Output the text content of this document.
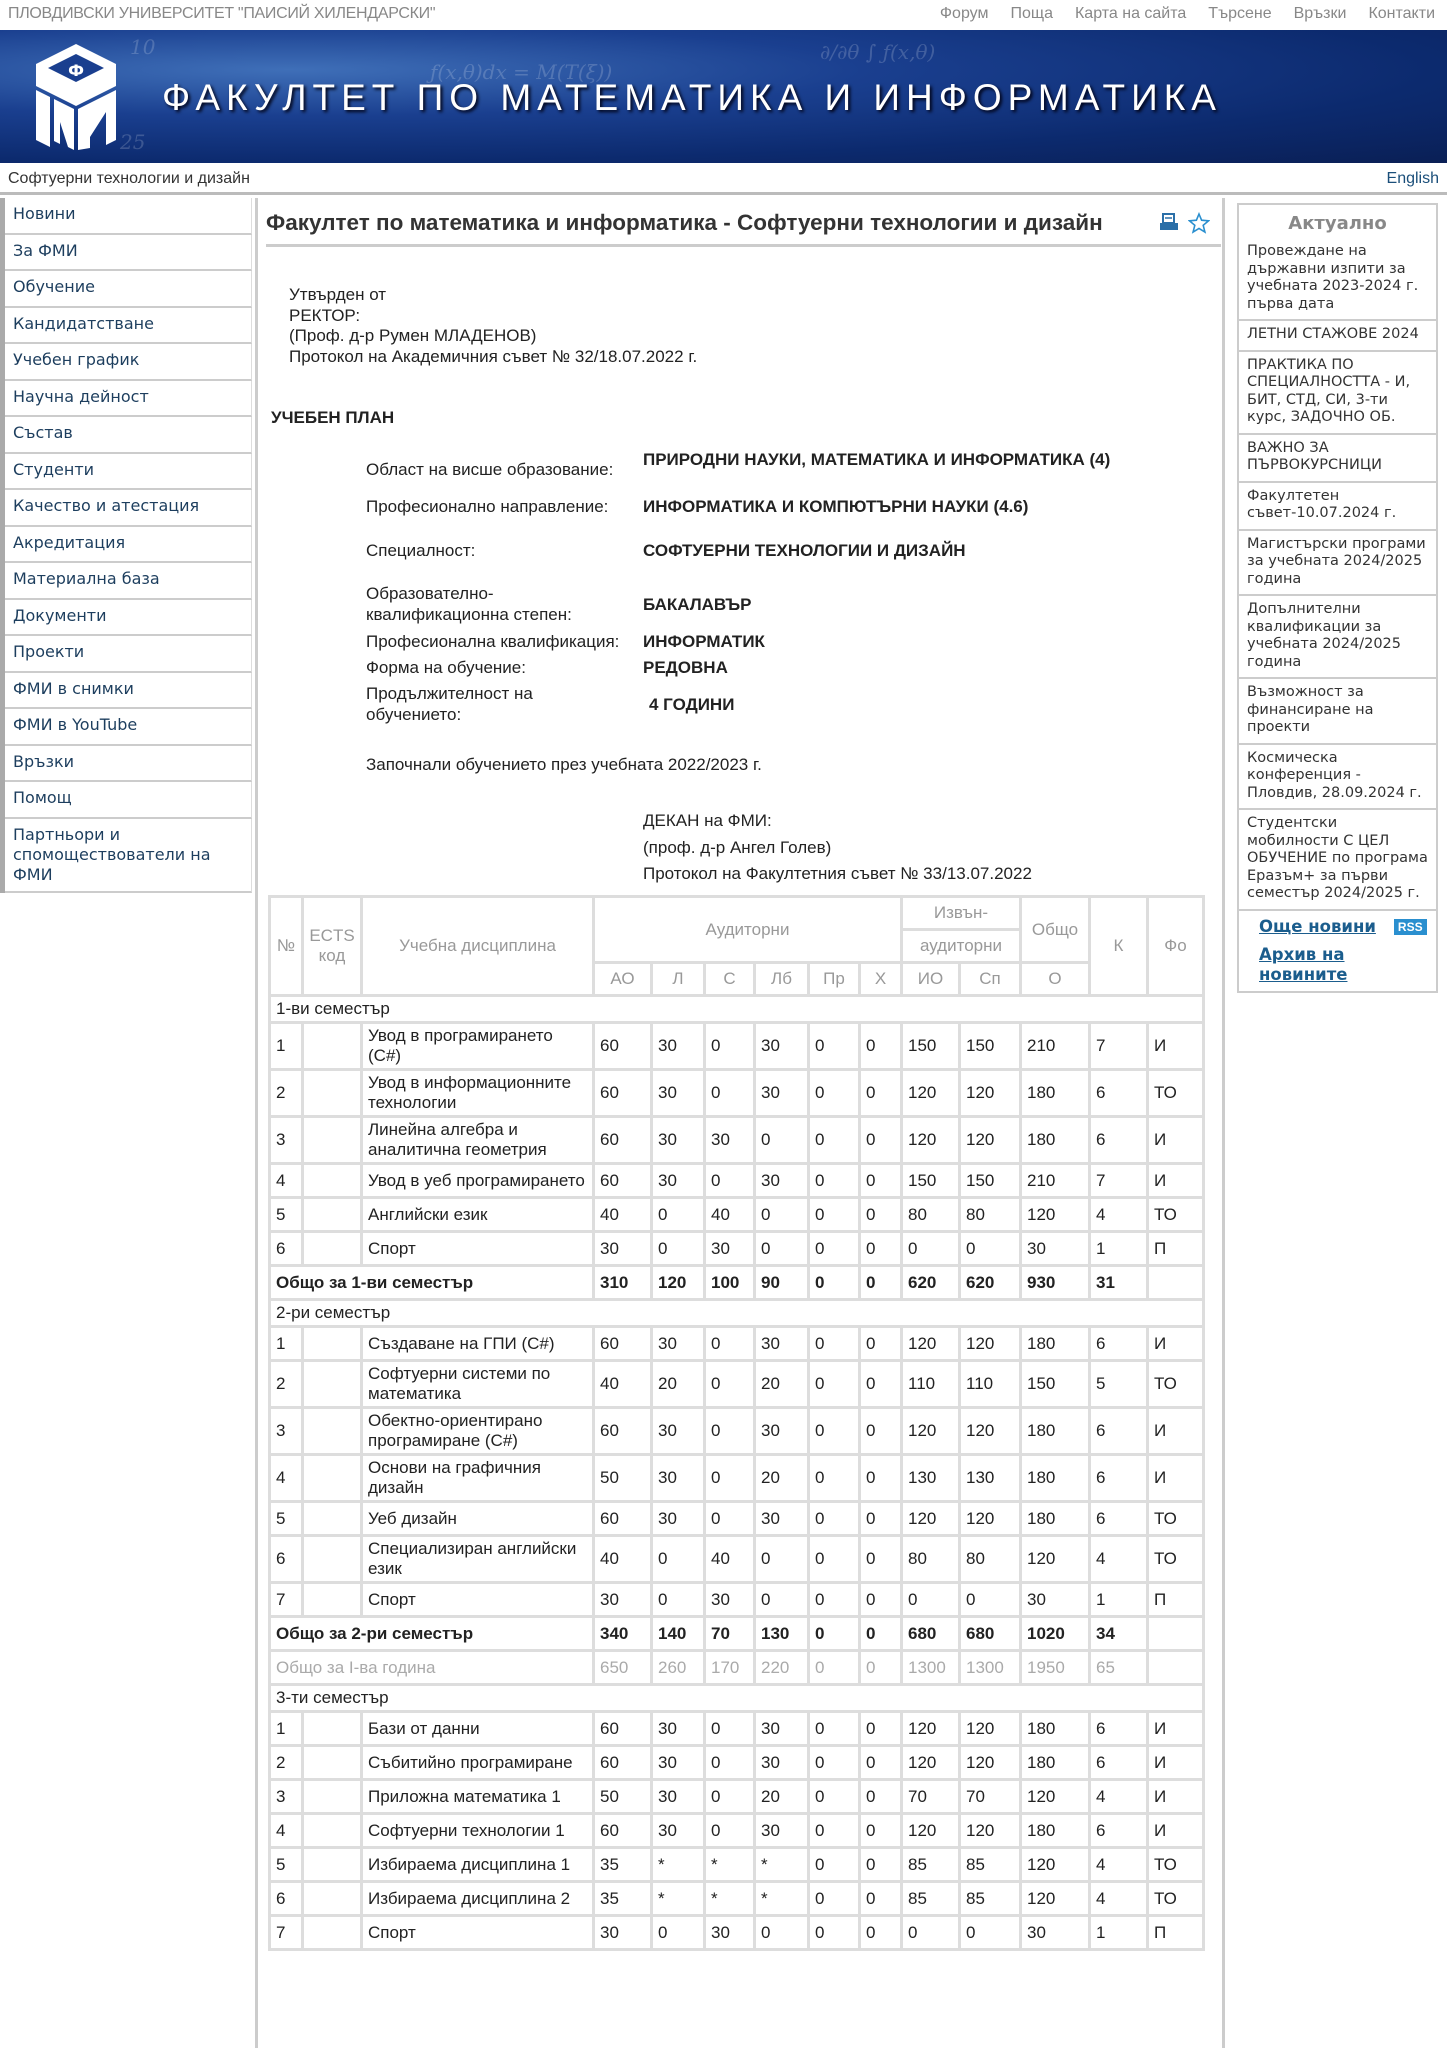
ПЛОВДИВСКИ УНИВЕРСИТЕТ "ПАИСИЙ ХИЛЕНДАРСКИ"	Форум Поща Карта на сайта Търсене Връзки Контакти
ƒ(x,θ)dx = M(T(ξ))
∂/∂θ ∫ ƒ(x,θ)
10
25
Ф
ФАКУЛТЕТ ПО МАТЕМАТИКА И ИНФОРМАТИКА
Софтуерни технологии и дизайн	English
Новини
За ФМИ
Обучение
Кандидатстване
Учебен график
Научна дейност
Състав
Студенти
Качество и атестация
Акредитация
Материална база
Документи
Проекти
ФМИ в снимки
ФМИ в YouTube
Връзки
Помощ
Партньори и спомоществователи на ФМИ
Факултет по математика и информатика - Софтуерни технологии и дизайн
Утвърден от
РЕКТОР:
(Проф. д-р Румен МЛАДЕНОВ)
Протокол на Академичния съвет № 32/18.07.2022 г.
УЧЕБЕН ПЛАН
Област на висше образование:
ПРИРОДНИ НАУКИ, МАТЕМАТИКА И ИНФОРМАТИКА (4)
Професионално направление: ИНФОРМАТИКА И КОМПЮТЪРНИ НАУКИ (4.6)
Специалност:	СОФТУЕРНИ ТЕХНОЛОГИИ И ДИЗАЙН
Образователно-квалификационна степен:	БАКАЛАВЪР
Професионална квалификация: ИНФОРМАТИК
Форма на обучение:	РЕДОВНА
Продължителност на обучението:	4 ГОДИНИ
Започнали обучението през учебната 2022/2023 г.
ДЕКАН на ФМИ:
(проф. д-р Ангел Голев)
Протокол на Факултетния съвет № 33/13.07.2022
№	ECTS код	Учебна дисциплина	Аудиторни						Извън-		Общо	К	Фо
									аудиторни				
			АО	Л	С	Лб	Пр	Х	ИО	Сп	О		
1-ви семестър													
1		Увод в програмирането (C#)	60	30	0	30	0	0	150	150	210	7	И
2		Увод в информационните технологии	60	30	0	30	0	0	120	120	180	6	ТО
3		Линейна алгебра и аналитична геометрия	60	30	30	0	0	0	120	120	180	6	И
4		Увод в уеб програмирането	60	30	0	30	0	0	150	150	210	7	И
5		Английски език	40	0	40	0	0	0	80	80	120	4	ТО
6		Спорт	30	0	30	0	0	0	0	0	30	1	П
Общо за 1-ви семестър			310	120	100	90	0	0	620	620	930	31	
2-ри семестър													
1		Създаване на ГПИ (C#)	60	30	0	30	0	0	120	120	180	6	И
2		Софтуерни системи по математика	40	20	0	20	0	0	110	110	150	5	ТО
3		Обектно-ориентирано програмиране (C#)	60	30	0	30	0	0	120	120	180	6	И
4		Основи на графичния дизайн	50	30	0	20	0	0	130	130	180	6	И
5		Уеб дизайн	60	30	0	30	0	0	120	120	180	6	ТО
6		Специализиран английски език	40	0	40	0	0	0	80	80	120	4	ТО
7		Спорт	30	0	30	0	0	0	0	0	30	1	П
Общо за 2-ри семестър			340	140	70	130	0	0	680	680	1020	34	
Общо за I-ва година			650	260	170	220	0	0	1300	1300	1950	65	
3-ти семестър													
1		Бази от данни	60	30	0	30	0	0	120	120	180	6	И
2		Събитийно програмиране	60	30	0	30	0	0	120	120	180	6	И
3		Приложна математика 1	50	30	0	20	0	0	70	70	120	4	И
4		Софтуерни технологии 1	60	30	0	30	0	0	120	120	180	6	И
5		Избираема дисциплина 1	35	*	*	*	0	0	85	85	120	4	ТО
6		Избираема дисциплина 2	35	*	*	*	0	0	85	85	120	4	ТО
7		Спорт	30	0	30	0	0	0	0	0	30	1	П
Актуално
Провеждане на държавни изпити за учебната 2023-2024 г. първа дата
ЛЕТНИ СТАЖОВЕ 2024
ПРАКТИКА ПО СПЕЦИАЛНОСТТА - И, БИТ, СТД, СИ, 3-ти курс, ЗАДОЧНО ОБ.
ВАЖНО ЗА ПЪРВОКУРСНИЦИ
Факултетен съвет-10.07.2024 г.
Магистърски програми за учебната 2024/2025 година
Допълнителни квалификации за учебната 2024/2025 година
Възможност за финансиране на проекти
Космическа конференция - Пловдив, 28.09.2024 г.
Студентски мобилности С ЦЕЛ ОБУЧЕНИЕ по програма Еразъм+ за първи семестър 2024/2025 г.
Още новини RSS
Архив на новините
